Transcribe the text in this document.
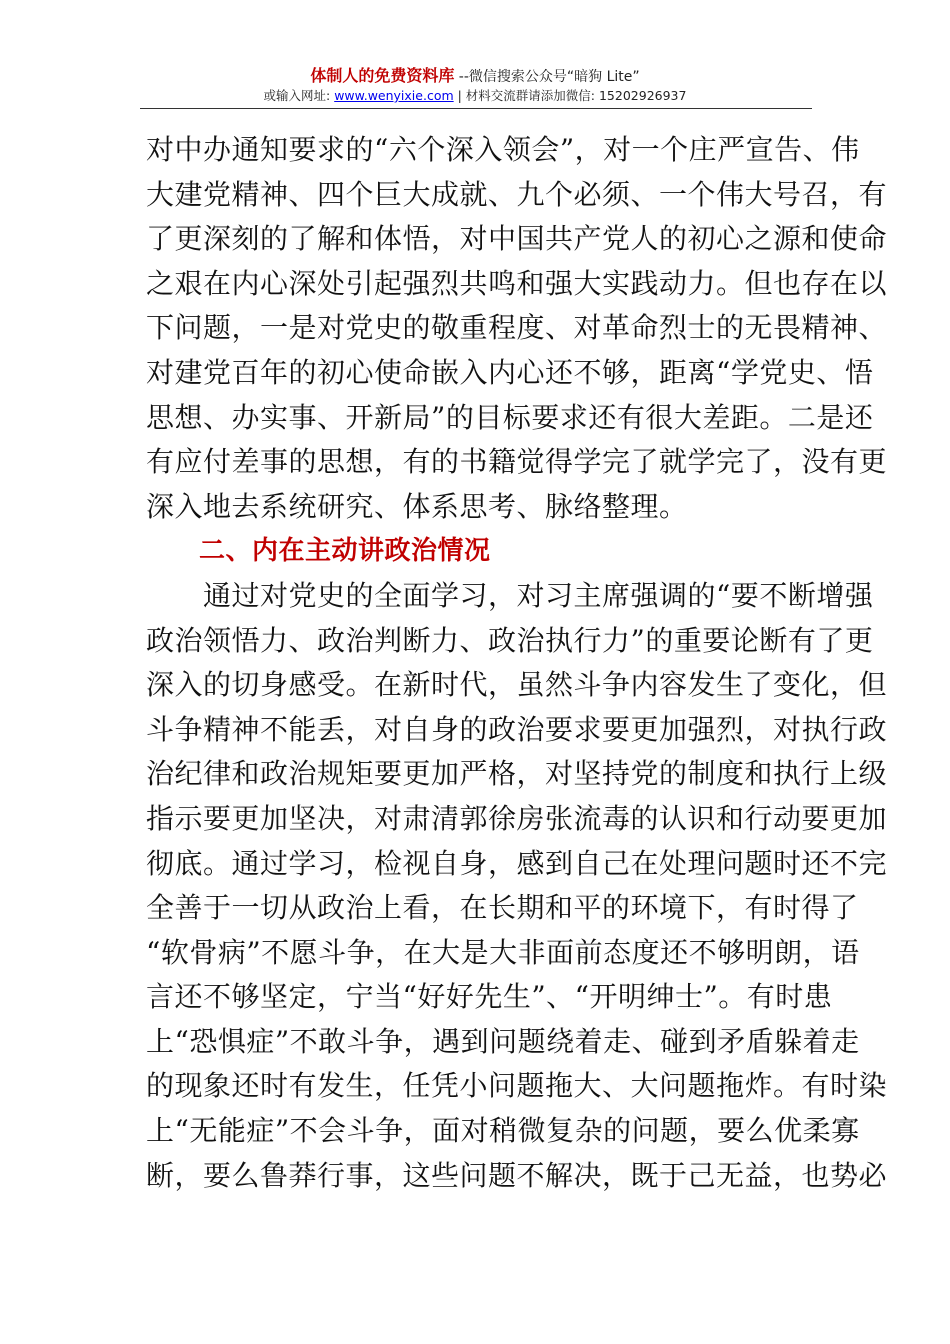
体制人的免费资料库 --微信搜索公众号“暗狗 Lite”
或输入网址: www.wenyixie.com | 材料交流群请添加微信: 15202926937
对中办通知要求的“六个深入领会”，对一个庄严宣告、伟
大建党精神、四个巨大成就、九个必须、一个伟大号召，有
了更深刻的了解和体悟，对中国共产党人的初心之源和使命
之艰在内心深处引起强烈共鸣和强大实践动力。但也存在以
下问题，一是对党史的敬重程度、对革命烈士的无畏精神、
对建党百年的初心使命嵌入内心还不够，距离“学党史、悟
思想、办实事、开新局”的目标要求还有很大差距。二是还
有应付差事的思想，有的书籍觉得学完了就学完了，没有更
深入地去系统研究、体系思考、脉络整理。
　　二、内在主动讲政治情况
　　通过对党史的全面学习，对习主席强调的“要不断增强
政治领悟力、政治判断力、政治执行力”的重要论断有了更
深入的切身感受。在新时代，虽然斗争内容发生了变化，但
斗争精神不能丢，对自身的政治要求要更加强烈，对执行政
治纪律和政治规矩要更加严格，对坚持党的制度和执行上级
指示要更加坚决，对肃清郭徐房张流毒的认识和行动要更加
彻底。通过学习，检视自身，感到自己在处理问题时还不完
全善于一切从政治上看，在长期和平的环境下，有时得了
“软骨病”不愿斗争，在大是大非面前态度还不够明朗，语
言还不够坚定，宁当“好好先生”、“开明绅士”。有时患
上“恐惧症”不敢斗争，遇到问题绕着走、碰到矛盾躲着走
的现象还时有发生，任凭小问题拖大、大问题拖炸。有时染
上“无能症”不会斗争，面对稍微复杂的问题，要么优柔寡
断，要么鲁莽行事，这些问题不解决，既于己无益，也势必
